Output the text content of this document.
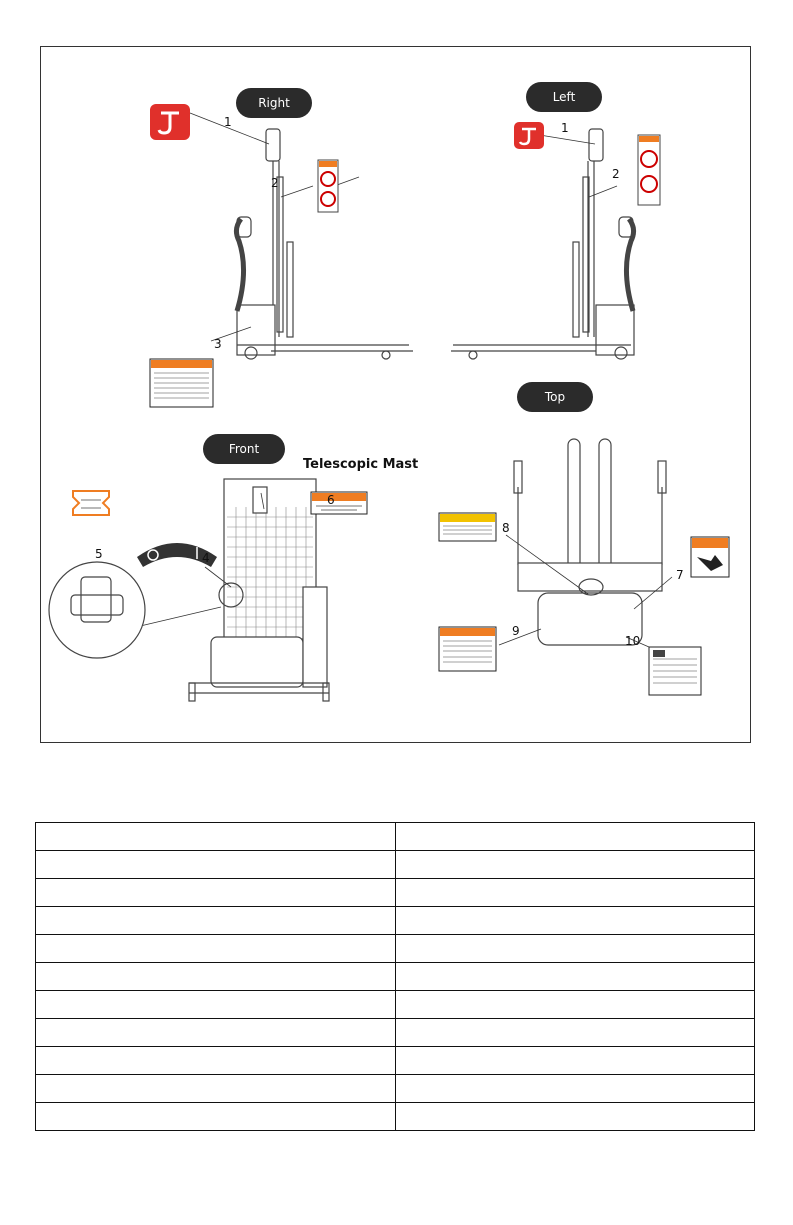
Right	Left
Front
Top
Telescopic Mast
1
2
3
4
5
6
7
8
9
10
1
2
